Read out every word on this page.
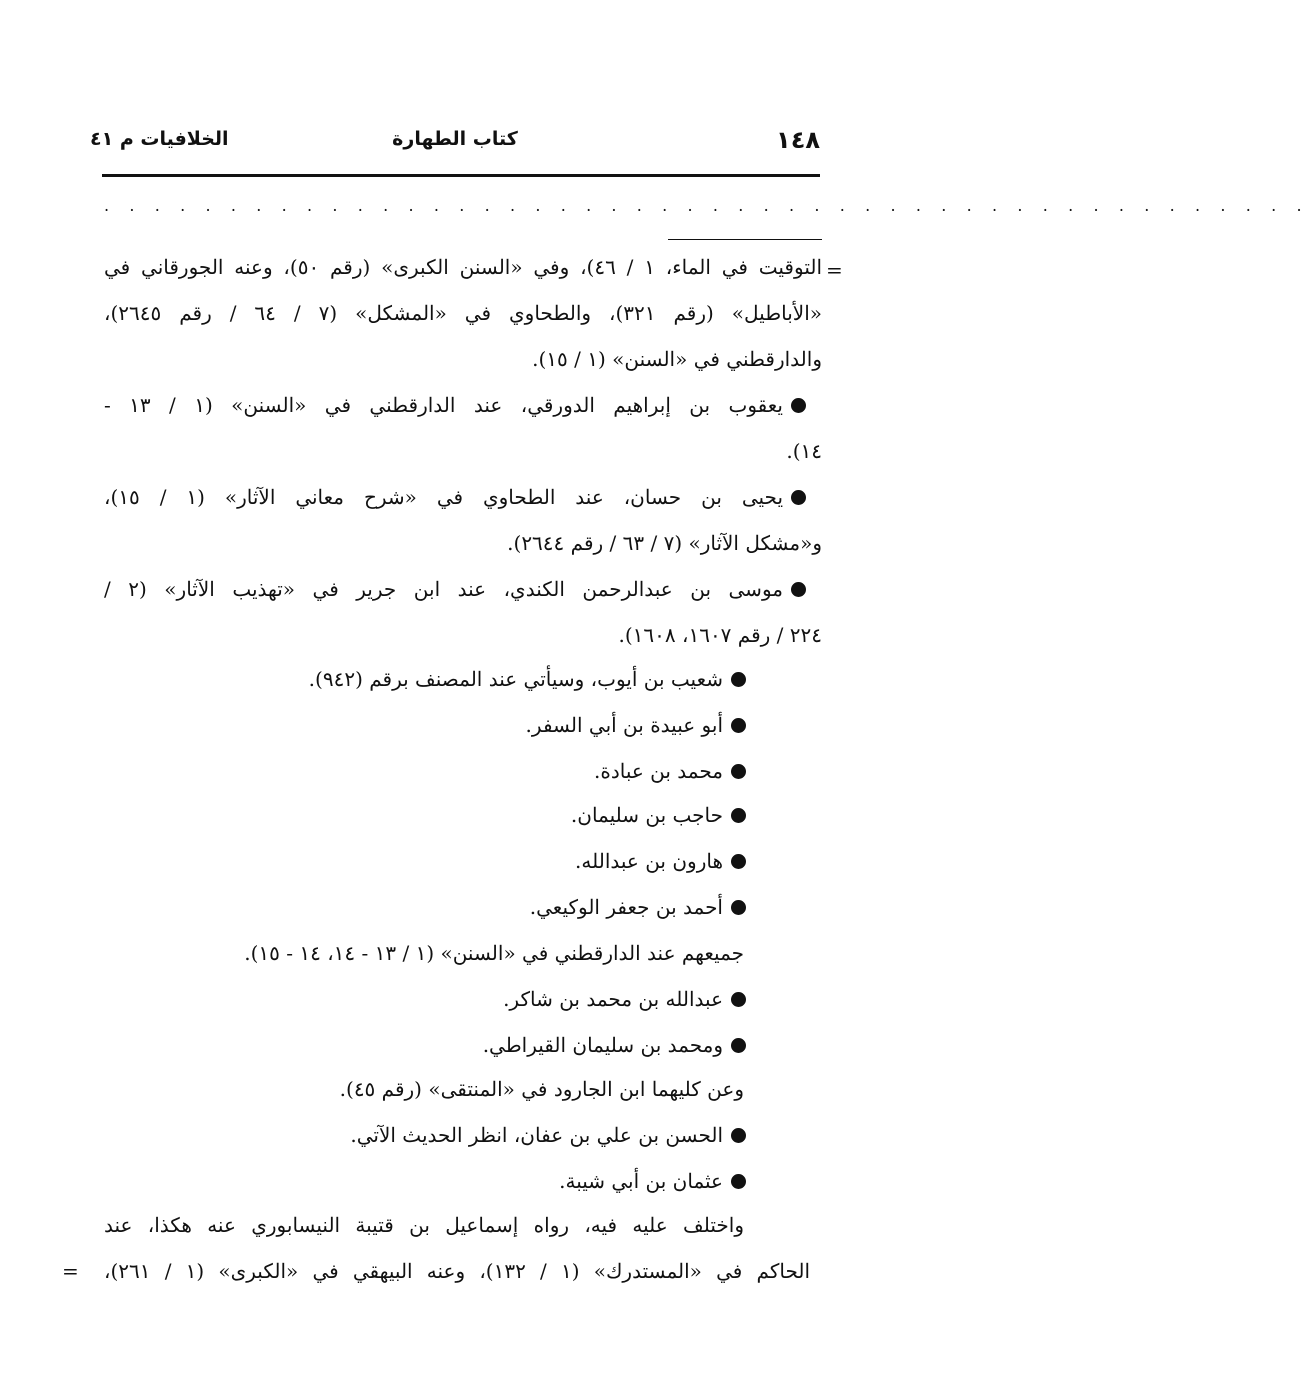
١٤٨
كتاب الطهارة
الخلافيات م ٤١
. . . . . . . . . . . . . . . . . . . . . . . . . . . . . . . . . . . . . . . . . . . . . . . .
=
التوقيت في الماء، ١ / ٤٦)، وفي «السنن الكبرى» (رقم ٥٠)، وعنه الجورقاني في
«الأباطيل» (رقم ٣٢١)، والطحاوي في «المشكل» (٧ / ٦٤ / رقم ٢٦٤٥)،
والدارقطني في «السنن» (١ / ١٥).
يعقوب بن إبراهيم الدورقي، عند الدارقطني في «السنن» (١ / ١٣ -
١٤).
يحيى بن حسان، عند الطحاوي في «شرح معاني الآثار» (١ / ١٥)،
و«مشكل الآثار» (٧ / ٦٣ / رقم ٢٦٤٤).
موسى بن عبدالرحمن الكندي، عند ابن جرير في «تهذيب الآثار» (٢ /
٢٢٤ / رقم ١٦٠٧، ١٦٠٨).
شعيب بن أيوب، وسيأتي عند المصنف برقم (٩٤٢).
أبو عبيدة بن أبي السفر.
محمد بن عبادة.
حاجب بن سليمان.
هارون بن عبدالله.
أحمد بن جعفر الوكيعي.
جميعهم عند الدارقطني في «السنن» (١ / ١٣ - ١٤، ١٤ - ١٥).
عبدالله بن محمد بن شاكر.
ومحمد بن سليمان القيراطي.
وعن كليهما ابن الجارود في «المنتقى» (رقم ٤٥).
الحسن بن علي بن عفان، انظر الحديث الآتي.
عثمان بن أبي شيبة.
واختلف عليه فيه، رواه إسماعيل بن قتيبة النيسابوري عنه هكذا، عند
الحاكم في «المستدرك» (١ / ١٣٢)، وعنه البيهقي في «الكبرى» (١ / ٢٦١)،
=
